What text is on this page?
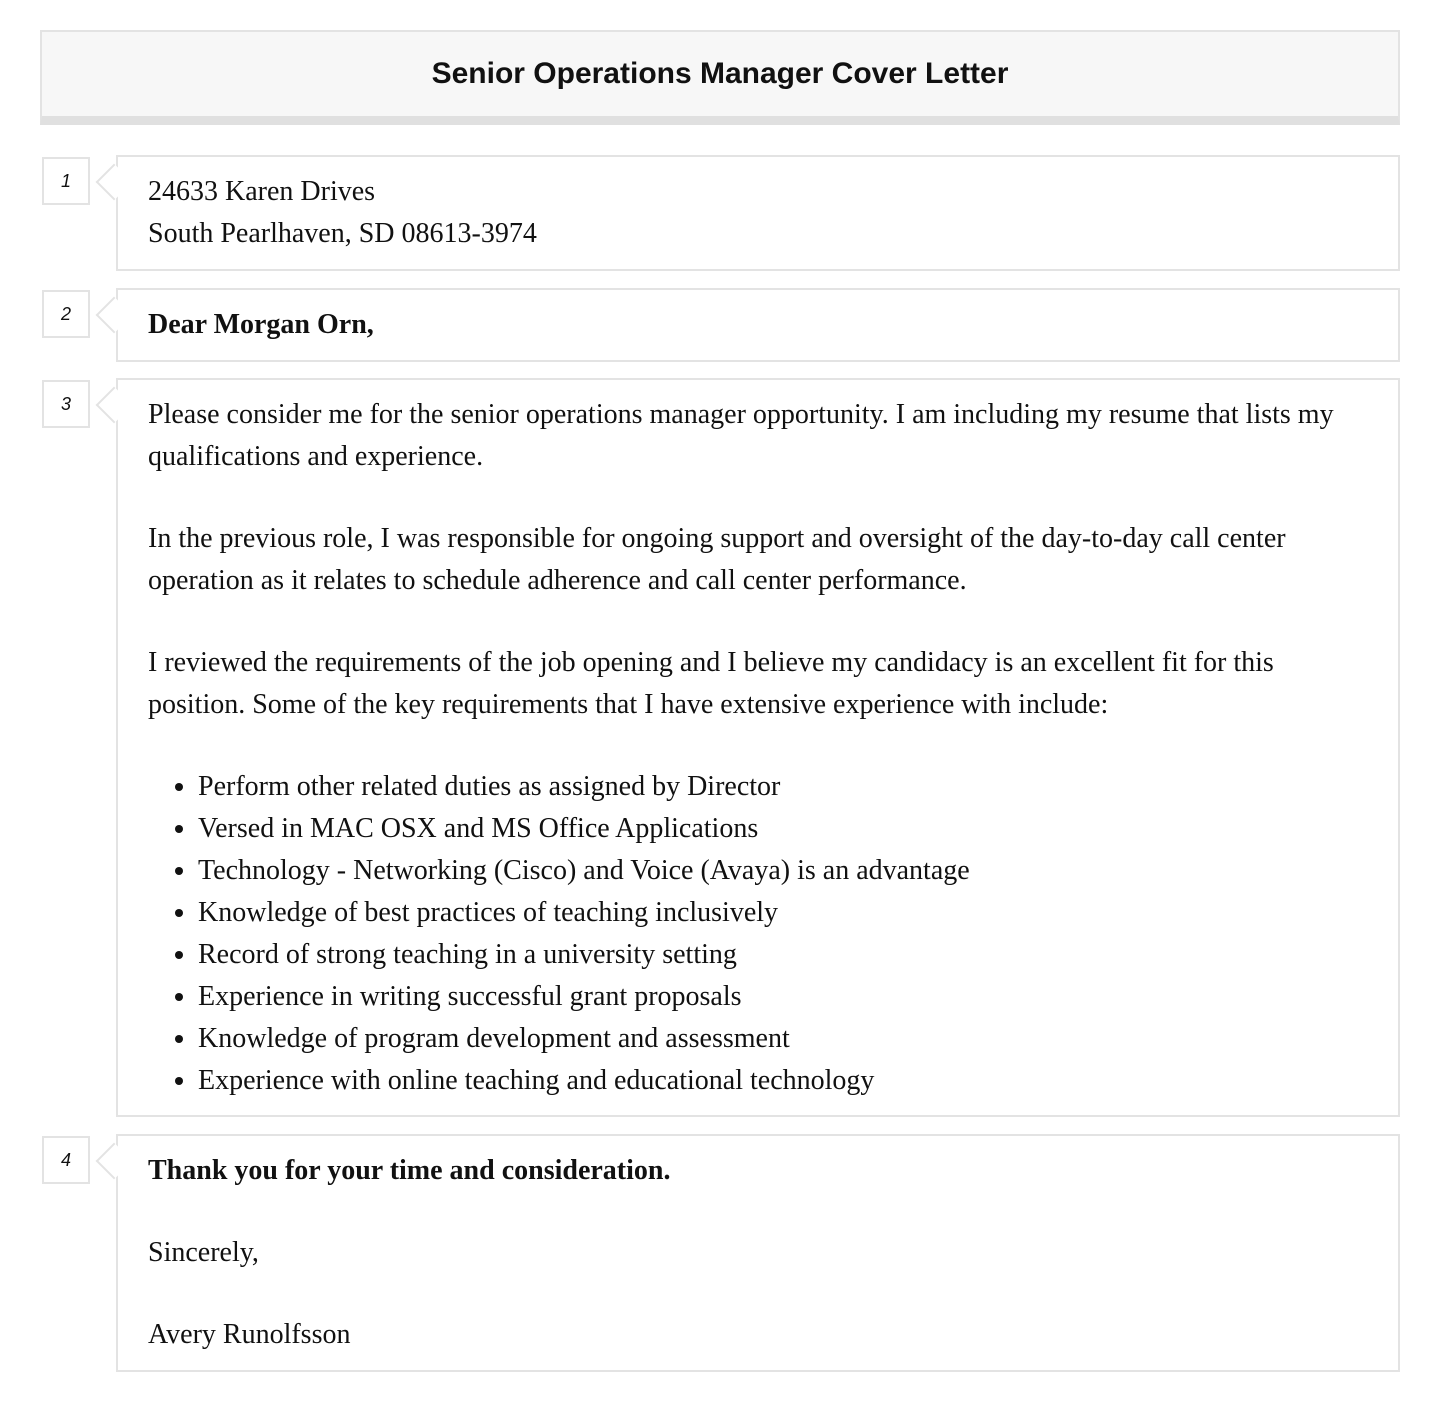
Senior Operations Manager Cover Letter
1	24633 Karen Drives
South Pearlhaven, SD 08613-3974
2	Dear Morgan Orn,
3	Please consider me for the senior operations manager opportunity. I am including my resume that lists my qualifications and experience.

In the previous role, I was responsible for ongoing support and oversight of the day-to-day call center operation as it relates to schedule adherence and call center performance.

I reviewed the requirements of the job opening and I believe my candidacy is an excellent fit for this position. Some of the key requirements that I have extensive experience with include:

• Perform other related duties as assigned by Director
• Versed in MAC OSX and MS Office Applications
• Technology - Networking (Cisco) and Voice (Avaya) is an advantage
• Knowledge of best practices of teaching inclusively
• Record of strong teaching in a university setting
• Experience in writing successful grant proposals
• Knowledge of program development and assessment
• Experience with online teaching and educational technology
4	Thank you for your time and consideration.

Sincerely,

Avery Runolfsson
